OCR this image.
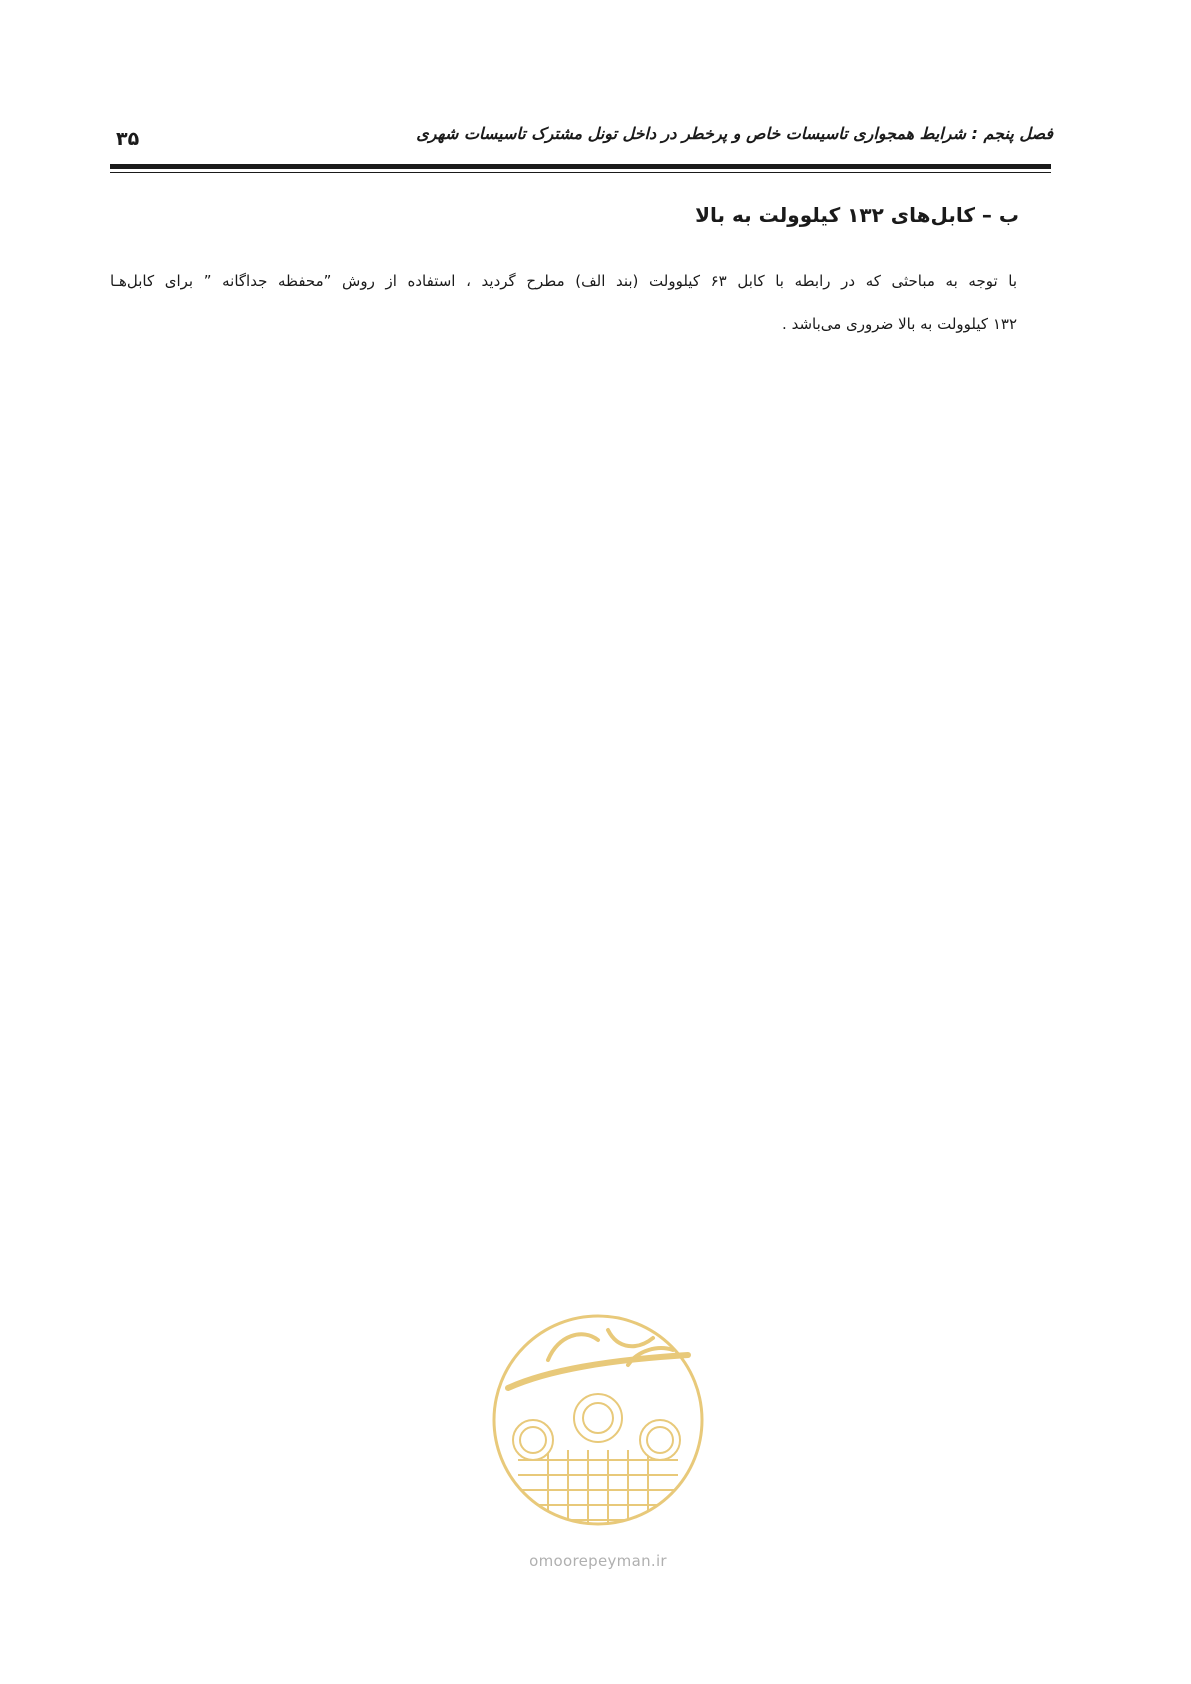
فصل پنجم : شرایط همجواری تاسیسات خاص و پرخطر در داخل تونل مشترک تاسیسات شهری
۳۵
ب – کابل‌های ۱۳۲ کیلوولت به بالا
با توجه به مباحثی که در رابطه با کابل ۶۳ کیلوولت (بند الف) مطرح گردید ، استفاده از روش ”محفظه جداگانه ” برای کابل‌هـا
۱۳۲ کیلوولت به بالا ضروری می‌باشد .
omoorepeyman.ir
